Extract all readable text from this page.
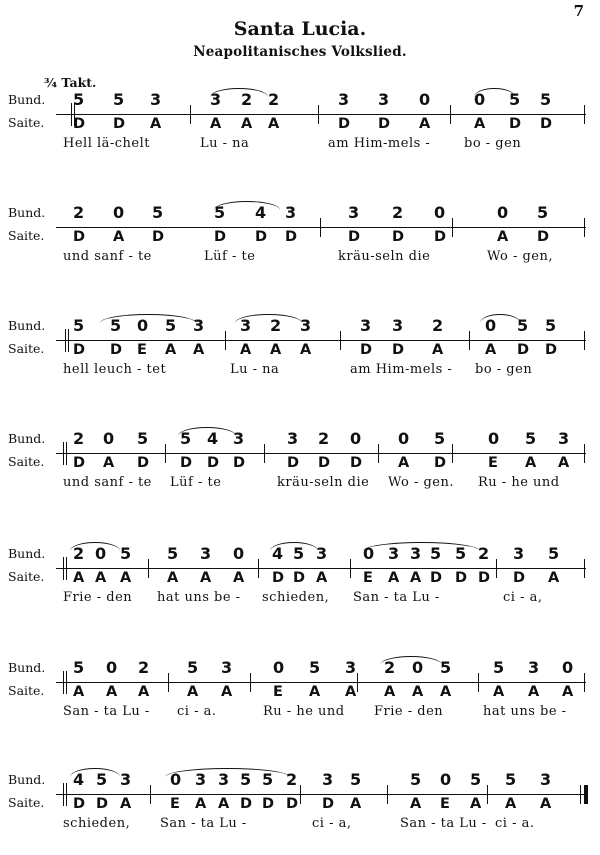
7
Santa Lucia.
Neapolitanisches Volkslied.
¾ Takt.
Bund.
Saite.
5 5 3
D D A
Hell lä-chelt
3 2 2
A A A
Lu - na
3 3 0
D D A
am Him-mels -
0 5 5
A D D
bo - gen
Bund.
Saite.
2 0 5
D A D
und sanf - te
5 4 3
D D D
Lüf - te
3 2 0
D D D
kräu-seln die
0 5
A D
Wo - gen,
Bund.
Saite.
5 5 0 5 3
D D E A A
hell leuch - tet
3 2 3
A A A
Lu - na
3 3 2
D D A
am Him-mels -
0 5 5
A D D
bo - gen
Bund.
Saite.
2 0 5
D A D
und sanf - te
5 4 3
D D D
Lüf - te
3 2 0
D D D
kräu-seln die
0 5
A D
Wo - gen.
0 5 3
E A A
Ru - he und
Bund.
Saite.
2 0 5
A A A
Frie - den
5 3 0
A A A
hat uns be -
4 5 3
D D A
schieden,
0 3 3 5 5 2
E A A D D D
San - ta Lu -
3 5
D A
ci - a,
Bund.
Saite.
5 0 2
A A A
San - ta Lu -
5 3
A A
ci - a.
0 5 3
E A A
Ru - he und
2 0 5
A A A
Frie - den
5 3 0
A A A
hat uns be -
Bund.
Saite.
4 5 3
D D A
schieden,
0 3 3 5 5 2
E A A D D D
San - ta Lu -
3 5
D A
ci - a,
5 0 5
A E A
San - ta Lu -
5 3
A A
ci - a.
